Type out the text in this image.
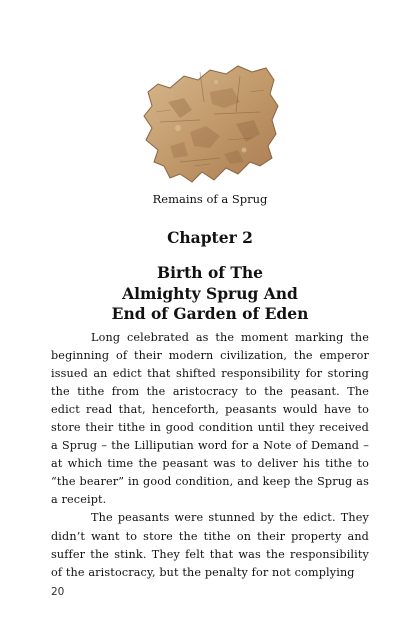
Remains of a Sprug
Chapter 2
Birth of The
Almighty Sprug And
End of Garden of Eden

Long celebrated as the moment marking the beginning of their modern civilization, the emperor issued an edict that shifted responsibility for storing the tithe from the aristocracy to the peasant. The edict read that, henceforth, peasants would have to store their tithe in good condition until they received a Sprug – the Lilliputian word for a Note of Demand – at which time the peasant was to deliver his tithe to “the bearer” in good condition, and keep the Sprug as a receipt.

The peasants were stunned by the edict. They didn’t want to store the tithe on their property and suffer the stink. They felt that was the responsibility of the aristocracy, but the penalty for not complying

20
